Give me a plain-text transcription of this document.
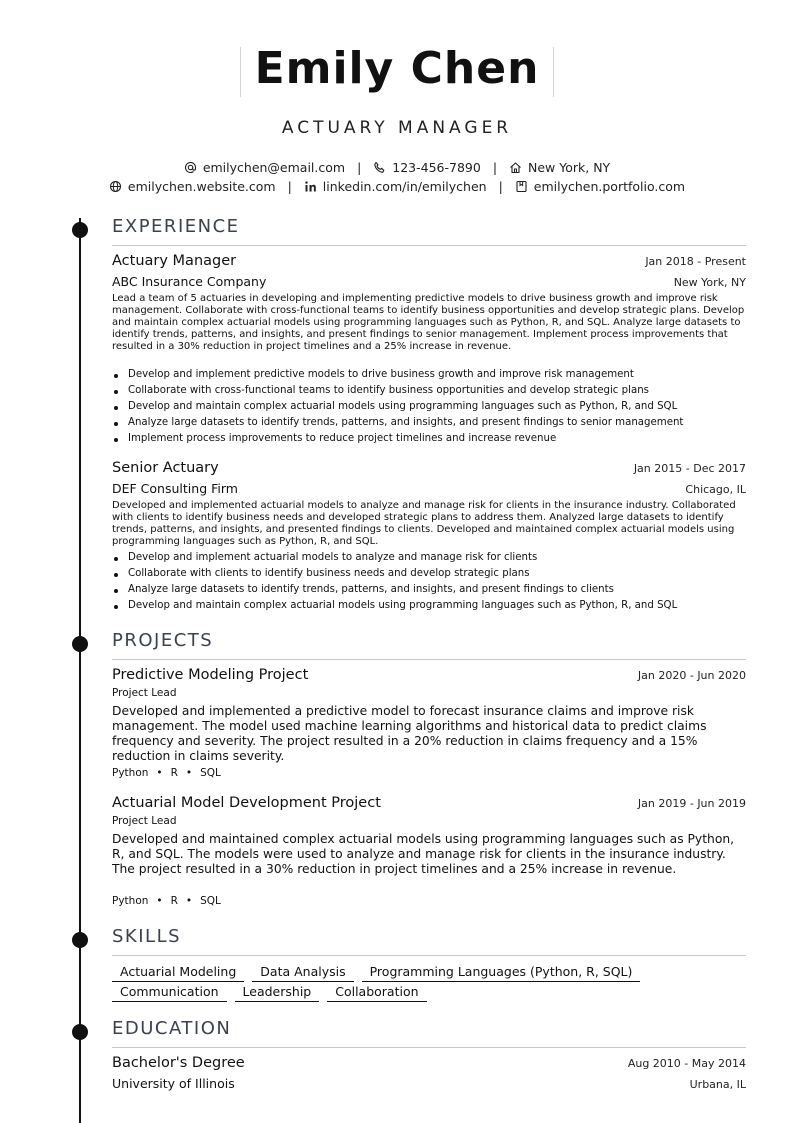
Emily Chen
ACTUARY MANAGER
emilychen@email.com | 123-456-7890 | New York, NY
emilychen.website.com | linkedin.com/in/emilychen | emilychen.portfolio.com
EXPERIENCE
Actuary Manager	Jan 2018 - Present
ABC Insurance Company	New York, NY
Lead a team of 5 actuaries in developing and implementing predictive models to drive business growth and improve risk management. Collaborate with cross-functional teams to identify business opportunities and develop strategic plans. Develop and maintain complex actuarial models using programming languages such as Python, R, and SQL. Analyze large datasets to identify trends, patterns, and insights, and present findings to senior management. Implement process improvements that resulted in a 30% reduction in project timelines and a 25% increase in revenue.
Develop and implement predictive models to drive business growth and improve risk management
Collaborate with cross-functional teams to identify business opportunities and develop strategic plans
Develop and maintain complex actuarial models using programming languages such as Python, R, and SQL
Analyze large datasets to identify trends, patterns, and insights, and present findings to senior management
Implement process improvements to reduce project timelines and increase revenue
Senior Actuary	Jan 2015 - Dec 2017
DEF Consulting Firm	Chicago, IL
Developed and implemented actuarial models to analyze and manage risk for clients in the insurance industry. Collaborated with clients to identify business needs and developed strategic plans to address them. Analyzed large datasets to identify trends, patterns, and insights, and presented findings to clients. Developed and maintained complex actuarial models using programming languages such as Python, R, and SQL.
Develop and implement actuarial models to analyze and manage risk for clients
Collaborate with clients to identify business needs and develop strategic plans
Analyze large datasets to identify trends, patterns, and insights, and present findings to clients
Develop and maintain complex actuarial models using programming languages such as Python, R, and SQL
PROJECTS
Predictive Modeling Project	Jan 2020 - Jun 2020
Project Lead
Developed and implemented a predictive model to forecast insurance claims and improve risk management. The model used machine learning algorithms and historical data to predict claims frequency and severity. The project resulted in a 20% reduction in claims frequency and a 15% reduction in claims severity.
Python • R • SQL
Actuarial Model Development Project	Jan 2019 - Jun 2019
Project Lead
Developed and maintained complex actuarial models using programming languages such as Python, R, and SQL. The models were used to analyze and manage risk for clients in the insurance industry. The project resulted in a 30% reduction in project timelines and a 25% increase in revenue.
Python • R • SQL
SKILLS
Actuarial Modeling	Data Analysis	Programming Languages (Python, R, SQL)
Communication	Leadership	Collaboration
EDUCATION
Bachelor's Degree	Aug 2010 - May 2014
University of Illinois	Urbana, IL
